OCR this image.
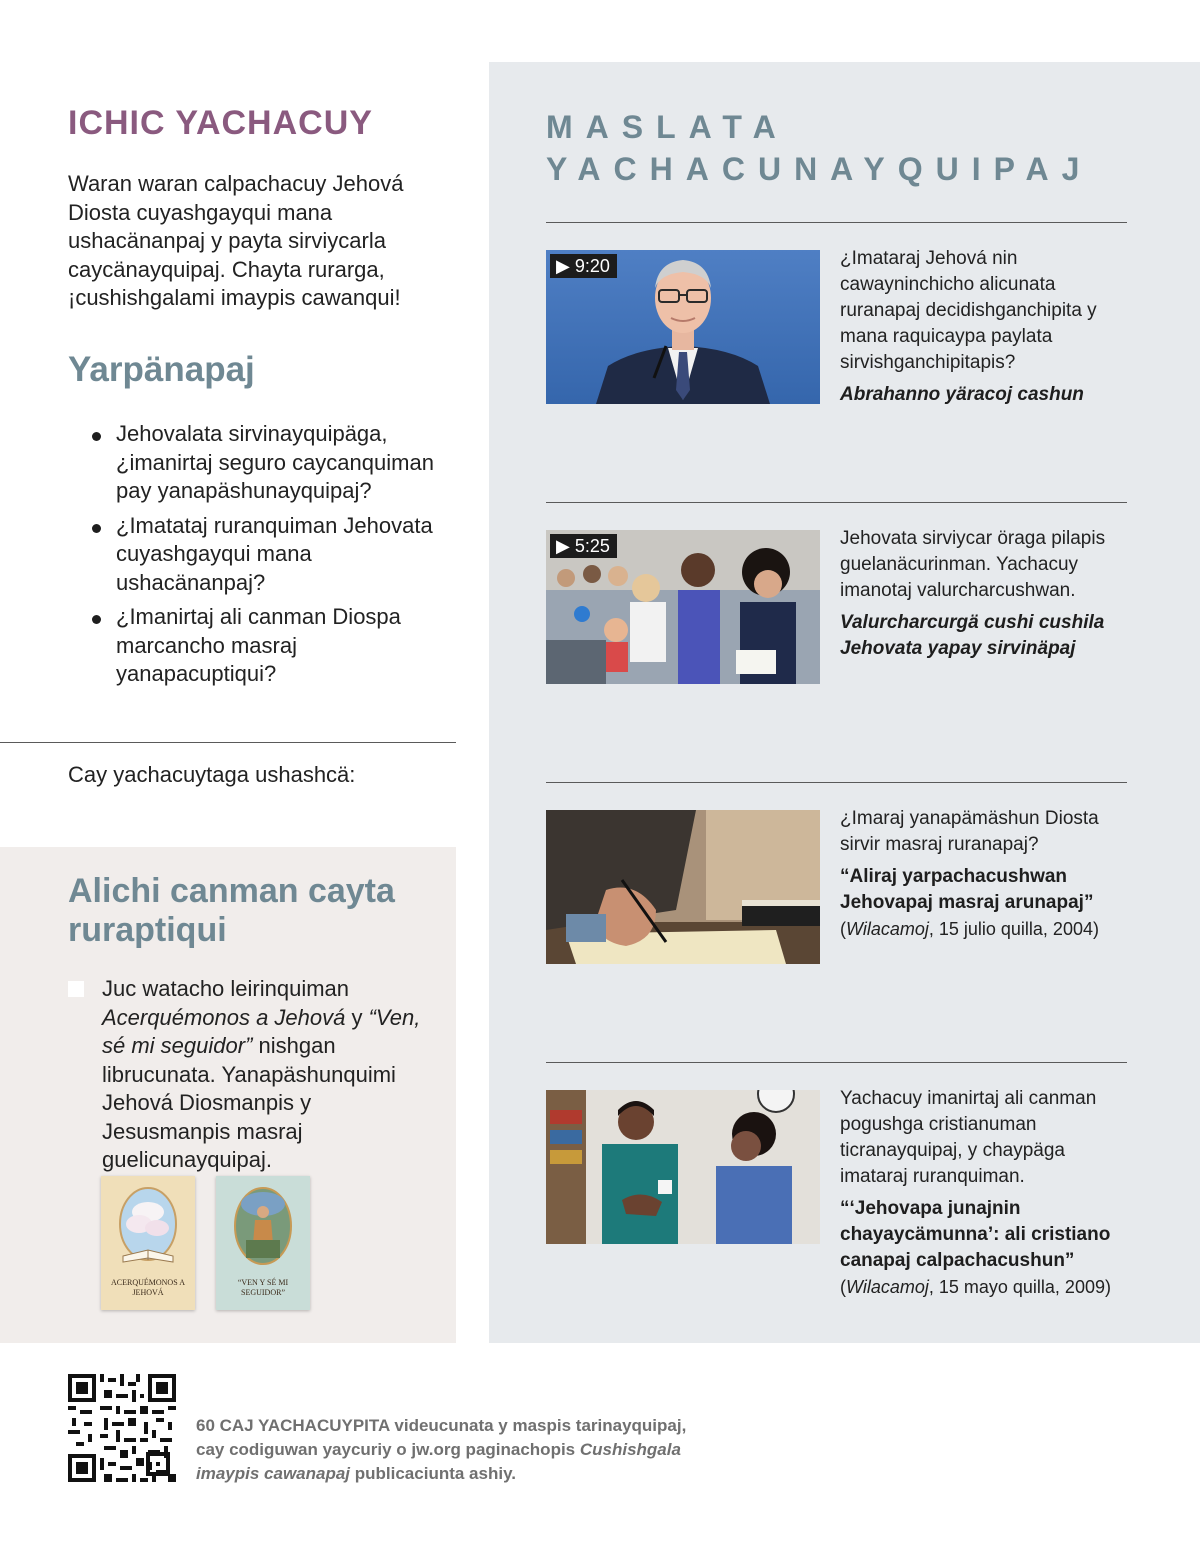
ICHIC YACHACUY

Waran waran calpachacuy Jehová Diosta cuyashgayqui mana ushacänanpaj y payta sirviycarla caycänayquipaj. Chayta rurarga, ¡cushishgalami imaypis cawanqui!

Yarpänapaj
Jehovalata sirvinayquipäga, ¿imanirtaj seguro caycanquiman pay yanapäshunayquipaj?
¿Imatataj ruranquiman Jehovata cuyashgayqui mana ushacänanpaj?
¿Imanirtaj ali canman Diospa marcancho masraj yanapacuptiqui?

Cay yachacuytaga ushashcä:

Alichi canman cayta ruraptiqui

Juc watacho leirinquiman Acerquémonos a Jehová y “Ven, sé mi seguidor” nishgan librucunata. Yanapäshunquimi Jehová Diosmanpis y Jesusmanpis masraj guelicunayquipaj.

ACERQUÉMONOS A JEHOVÁ
“VEN Y SÉ MI SEGUIDOR”
MASLATA
YACHACUNAYQUIPAJ
▶ 9:20	¿Imataraj Jehová nin cawayninchicho alicunata ruranapaj decidishganchipita y mana raquicaypa paylata sirvishganchipitapis?

Abrahanno yäracoj cashun

▶ 5:25	Jehovata sirviycar öraga pilapis guelanäcurinman. Yachacuy imanotaj valurcharcushwan.

Valurcharcurgä cushi cushila Jehovata yapay sirvinäpaj

¿Imaraj yanapämäshun Diosta sirvir masraj ruranapaj?

“Aliraj yarpachacushwan Jehovapaj masraj arunapaj”

(Wilacamoj, 15 julio quilla, 2004)

Yachacuy imanirtaj ali canman pogushga cristianuman ticranayquipaj, y chaypäga imataraj ruranquiman.

“‘Jehovapa junajnin chayaycämunna’: ali cristiano canapaj calpachacushun”

(Wilacamoj, 15 mayo quilla, 2009)

60 CAJ YACHACUYPITA videucunata y maspis tarinayquipaj, cay codiguwan yaycuriy o jw.org paginachopis Cushishgala imaypis cawanapaj publicaciunta ashiy.
